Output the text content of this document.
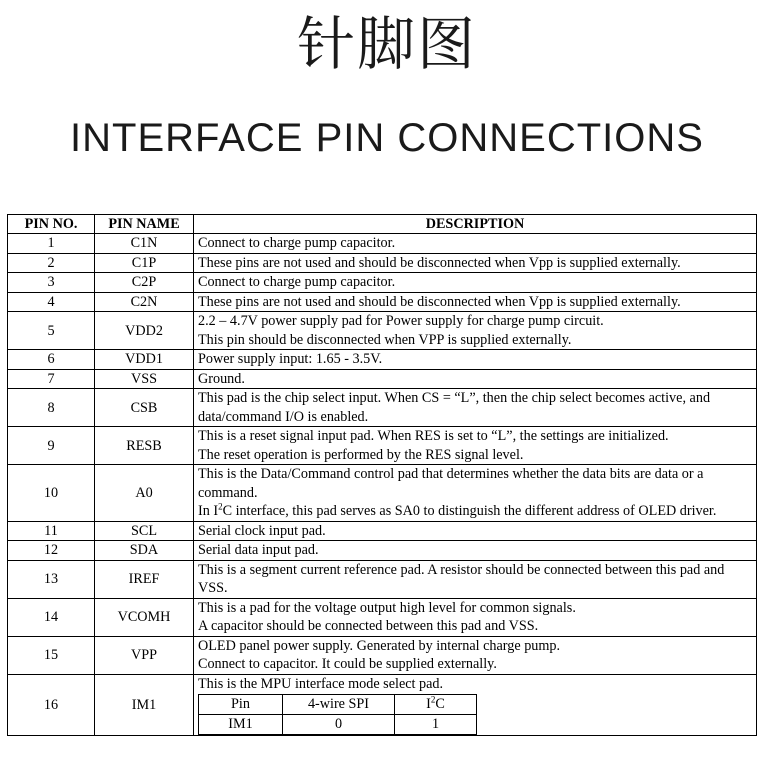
针脚图
INTERFACE PIN CONNECTIONS
PIN NO.	PIN NAME	DESCRIPTION
1	C1N	Connect to charge pump capacitor.

2	C1P	These pins are not used and should be disconnected when Vpp is supplied externally.

3	C2P	Connect to charge pump capacitor.

4	C2N	These pins are not used and should be disconnected when Vpp is supplied externally.

5	VDD2	
2.2 – 4.7V power supply pad for Power supply for charge pump circuit.
This pin should be disconnected when VPP is supplied externally.

6	VDD1	Power supply input: 1.65 - 3.5V.

7	VSS	Ground.

8	CSB	
This pad is the chip select input. When CS = “L”, then the chip select becomes active, and data/command I/O is enabled.

9	RESB	
This is a reset signal input pad. When RES is set to “L”, the settings are initialized.
The reset operation is performed by the RES signal level.

10	A0	
This is the Data/Command control pad that determines whether the data bits are data or a command.
In $I^2C$ interface, this pad serves as SA0 to distinguish the different address of OLED driver.

11	SCL	Serial clock input pad.

12	SDA	Serial data input pad.

13	IREF	
This is a segment current reference pad. A resistor should be connected between this pad and VSS.

14	VCOMH	
This is a pad for the voltage output high level for common signals.
A capacitor should be connected between this pad and VSS.

15	VPP	
OLED panel power supply. Generated by internal charge pump.
Connect to capacitor. It could be supplied externally.

16	IM1	
This is the MPU interface mode select pad.
Pin	4-wire SPI	$I^2C$
IM1	0	1
